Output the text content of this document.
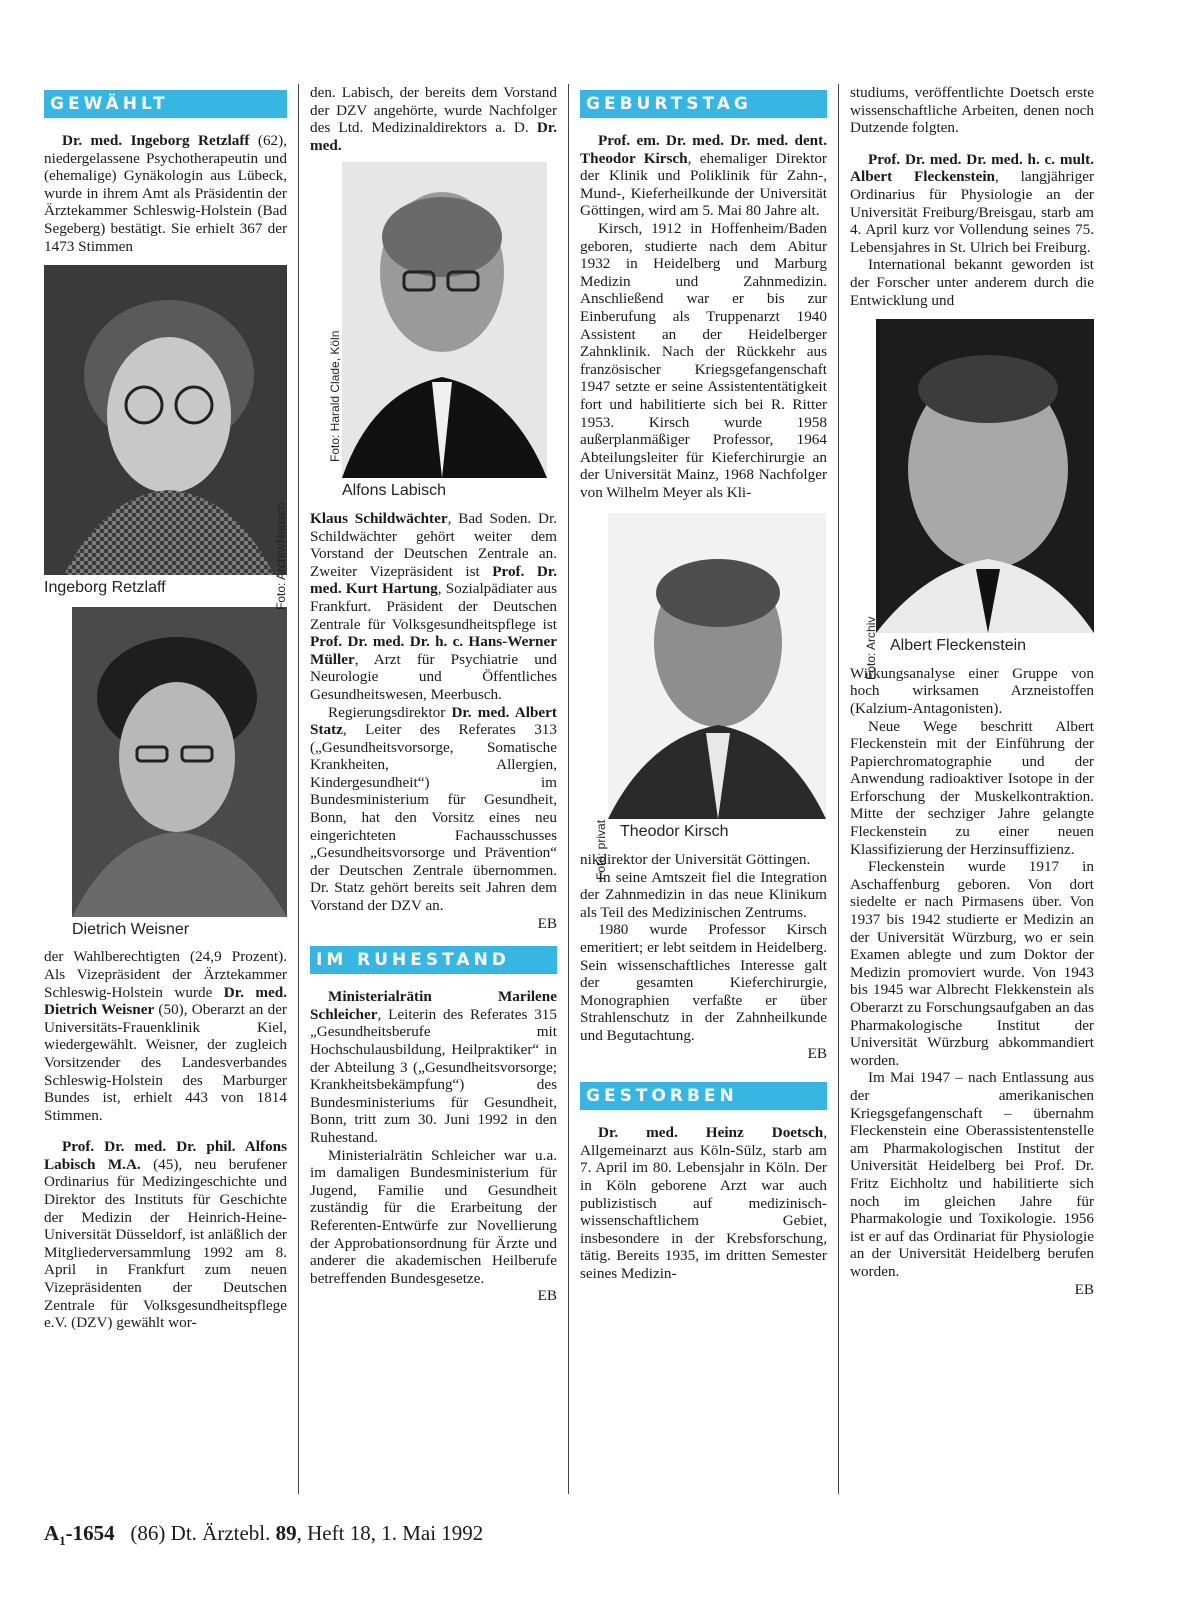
GEWÄHLT

Dr. med. Ingeborg Retzlaff (62), niedergelassene Psychotherapeutin und (ehemalige) Gynäkologin aus Lübeck, wurde in ihrem Amt als Präsidentin der Ärztekammer Schleswig-Holstein (Bad Segeberg) bestätigt. Sie erhielt 367 der 1473 Stimmen

Ingeborg Retzlaff
Dietrich Weisner

der Wahlberechtigten (24,9 Prozent). Als Vizepräsident der Ärztekammer Schleswig-Holstein wurde Dr. med. Dietrich Weisner (50), Oberarzt an der Universitäts-Frauenklinik Kiel, wiedergewählt. Weisner, der zugleich Vorsitzender des Landesverbandes Schleswig-Holstein des Marburger Bundes ist, erhielt 443 von 1814 Stimmen.

Prof. Dr. med. Dr. phil. Alfons Labisch M.A. (45), neu berufener Ordinarius für Medizingeschichte und Direktor des Instituts für Geschichte der Medizin der Heinrich-Heine-Universität Düsseldorf, ist anläßlich der Mitgliederversammlung 1992 am 8. April in Frankfurt zum neuen Vizepräsidenten der Deutschen Zentrale für Volksgesundheitspflege e.V. (DZV) gewählt wor-

Foto: Archiv/Neusch

den. Labisch, der bereits dem Vorstand der DZV angehörte, wurde Nachfolger des Ltd. Medizinaldirektors a. D. Dr. med.

Alfons Labisch

Klaus Schildwächter, Bad Soden. Dr. Schildwächter gehört weiter dem Vorstand der Deutschen Zentrale an. Zweiter Vizepräsident ist Prof. Dr. med. Kurt Hartung, Sozialpädiater aus Frankfurt. Präsident der Deutschen Zentrale für Volksgesundheitspflege ist Prof. Dr. med. Dr. h. c. Hans-Werner Müller, Arzt für Psychiatrie und Neurologie und Öffentliches Gesundheitswesen, Meerbusch.

Regierungsdirektor Dr. med. Albert Statz, Leiter des Referates 313 („Gesundheitsvorsorge, Somatische Krankheiten, Allergien, Kindergesundheit“) im Bundesministerium für Gesundheit, Bonn, hat den Vorsitz eines neu eingerichteten Fachausschusses „Gesundheitsvorsorge und Prävention“ der Deutschen Zentrale übernommen. Dr. Statz gehört bereits seit Jahren dem Vorstand der DZV an.

EB
IM RUHESTAND

Ministerialrätin Marilene Schleicher, Leiterin des Referates 315 „Gesundheitsberufe mit Hochschulausbildung, Heilpraktiker“ in der Abteilung 3 („Gesundheitsvorsorge; Krankheitsbekämpfung“) des Bundesministeriums für Gesundheit, Bonn, tritt zum 30. Juni 1992 in den Ruhestand.

Ministerialrätin Schleicher war u.a. im damaligen Bundesministerium für Jugend, Familie und Gesundheit zuständig für die Erarbeitung der Referenten-Entwürfe zur Novellierung der Approbationsordnung für Ärzte und anderer die akademischen Heilberufe betreffenden Bundesgesetze.

EB
Foto: Harald Clade, Köln
GEBURTSTAG

Prof. em. Dr. med. Dr. med. dent. Theodor Kirsch, ehemaliger Direktor der Klinik und Poliklinik für Zahn-, Mund-, Kieferheilkunde der Universität Göttingen, wird am 5. Mai 80 Jahre alt.

Kirsch, 1912 in Hoffenheim/Baden geboren, studierte nach dem Abitur 1932 in Heidelberg und Marburg Medizin und Zahnmedizin. Anschließend war er bis zur Einberufung als Truppenarzt 1940 Assistent an der Heidelberger Zahnklinik. Nach der Rückkehr aus französischer Kriegsgefangenschaft 1947 setzte er seine Assistententätigkeit fort und habilitierte sich bei R. Ritter 1953. Kirsch wurde 1958 außerplanmäßiger Professor, 1964 Abteilungsleiter für Kieferchirurgie an der Universität Mainz, 1968 Nachfolger von Wilhelm Meyer als Kli-

Theodor Kirsch

nikdirektor der Universität Göttingen.

In seine Amtszeit fiel die Integration der Zahnmedizin in das neue Klinikum als Teil des Medizinischen Zentrums.

1980 wurde Professor Kirsch emeritiert; er lebt seitdem in Heidelberg. Sein wissenschaftliches Interesse galt der gesamten Kieferchirurgie, Monographien verfaßte er über Strahlenschutz in der Zahnheilkunde und Begutachtung.

EB
GESTORBEN

Dr. med. Heinz Doetsch, Allgemeinarzt aus Köln-Sülz, starb am 7. April im 80. Lebensjahr in Köln. Der in Köln geborene Arzt war auch publizistisch auf medizinisch-wissenschaftlichem Gebiet, insbesondere in der Krebsforschung, tätig. Bereits 1935, im dritten Semester seines Medizin-

Foto: privat

studiums, veröffentlichte Doetsch erste wissenschaftliche Arbeiten, denen noch Dutzende folgten.

Prof. Dr. med. Dr. med. h. c. mult. Albert Fleckenstein, langjähriger Ordinarius für Physiologie an der Universität Freiburg/Breisgau, starb am 4. April kurz vor Vollendung seines 75. Lebensjahres in St. Ulrich bei Freiburg.

International bekannt geworden ist der Forscher unter anderem durch die Entwicklung und

Albert Fleckenstein

Wirkungsanalyse einer Gruppe von hoch wirksamen Arzneistoffen (Kalzium-Antagonisten).

Neue Wege beschritt Albert Fleckenstein mit der Einführung der Papierchromatographie und der Anwendung radioaktiver Isotope in der Erforschung der Muskelkontraktion. Mitte der sechziger Jahre gelangte Fleckenstein zu einer neuen Klassifizierung der Herzinsuffizienz.

Fleckenstein wurde 1917 in Aschaffenburg geboren. Von dort siedelte er nach Pirmasens über. Von 1937 bis 1942 studierte er Medizin an der Universität Würzburg, wo er sein Examen ablegte und zum Doktor der Medizin promoviert wurde. Von 1943 bis 1945 war Albrecht Flekkenstein als Oberarzt zu Forschungsaufgaben an das Pharmakologische Institut der Universität Würzburg abkommandiert worden.

Im Mai 1947 – nach Entlassung aus der amerikanischen Kriegsgefangenschaft – übernahm Fleckenstein eine Oberassistentenstelle am Pharmakologischen Institut der Universität Heidelberg bei Prof. Dr. Fritz Eichholtz und habilitierte sich noch im gleichen Jahre für Pharmakologie und Toxikologie. 1956 ist er auf das Ordinariat für Physiologie an der Universität Heidelberg berufen worden.

EB
Foto: Archiv
$A_1-1654$ (86) Dt. Ärztebl. 89, Heft 18, 1. Mai 1992
